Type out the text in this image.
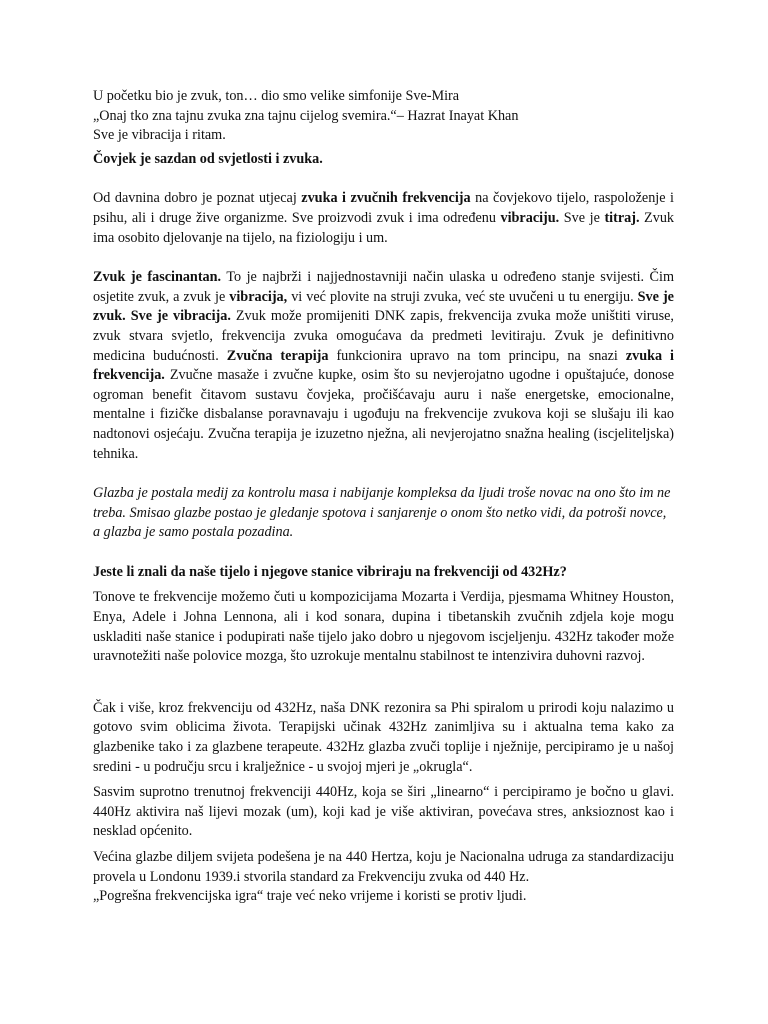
U početku bio je zvuk, ton… dio smo velike simfonije Sve-Mira

„Onaj tko zna tajnu zvuka zna tajnu cijelog svemira.“– Hazrat Inayat Khan

Sve je vibracija i ritam.

Čovjek je sazdan od svjetlosti i zvuka.

Od davnina dobro je poznat utjecaj zvuka i zvučnih frekvencija na čovjekovo tijelo, raspoloženje i psihu, ali i druge žive organizme. Sve proizvodi zvuk i ima određenu vibraciju. Sve je titraj. Zvuk ima osobito djelovanje na tijelo, na fiziologiju i um.

Zvuk je fascinantan. To je najbrži i najjednostavniji način ulaska u određeno stanje svijesti. Čim osjetite zvuk, a zvuk je vibracija, vi već plovite na struji zvuka, već ste uvučeni u tu energiju. Sve je zvuk. Sve je vibracija. Zvuk može promijeniti DNK zapis, frekvencija zvuka može uništiti viruse, zvuk stvara svjetlo, frekvencija zvuka omogućava da predmeti levitiraju. Zvuk je definitivno medicina budućnosti. Zvučna terapija funkcionira upravo na tom principu, na snazi zvuka i frekvencija. Zvučne masaže i zvučne kupke, osim što su nevjerojatno ugodne i opuštajuće, donose ogroman benefit čitavom sustavu čovjeka, pročišćavaju auru i naše energetske, emocionalne, mentalne i fizičke disbalanse poravnavaju i ugođuju na frekvencije zvukova koji se slušaju ili kao nadtonovi osjećaju. Zvučna terapija je izuzetno nježna, ali nevjerojatno snažna healing (iscjeliteljska) tehnika.

Glazba je postala medij za kontrolu masa i nabijanje kompleksa da ljudi troše novac na ono što im ne treba. Smisao glazbe postao je gledanje spotova i sanjarenje o onom što netko vidi, da potroši novce, a glazba je samo postala pozadina.

Jeste li znali da naše tijelo i njegove stanice vibriraju na frekvenciji od 432Hz?

Tonove te frekvencije možemo čuti u kompozicijama Mozarta i Verdija, pjesmama Whitney Houston, Enya, Adele i Johna Lennona, ali i kod sonara, dupina i tibetanskih zvučnih zdjela koje mogu uskladiti naše stanice i podupirati naše tijelo jako dobro u njegovom iscjeljenju. 432Hz također može uravnotežiti naše polovice mozga, što uzrokuje mentalnu stabilnost te intenzivira duhovni razvoj.

Čak i više, kroz frekvenciju od 432Hz, naša DNK rezonira sa Phi spiralom u prirodi koju nalazimo u gotovo svim oblicima života. Terapijski učinak 432Hz zanimljiva su i aktualna tema kako za glazbenike tako i za glazbene terapeute. 432Hz glazba zvuči toplije i nježnije, percipiramo je u našoj sredini - u području srcu i kralježnice - u svojoj mjeri je „okrugla“.

Sasvim suprotno trenutnoj frekvenciji 440Hz, koja se širi „linearno“ i percipiramo je bočno u glavi. 440Hz aktivira naš lijevi mozak (um), koji kad je više aktiviran, povećava stres, anksioznost kao i nesklad općenito.

Većina glazbe diljem svijeta podešena je na 440 Hertza, koju je Nacionalna udruga za standardizaciju provela u Londonu 1939.i stvorila standard za Frekvenciju zvuka od 440 Hz.

„Pogrešna frekvencijska igra“ traje već neko vrijeme i koristi se protiv ljudi.
